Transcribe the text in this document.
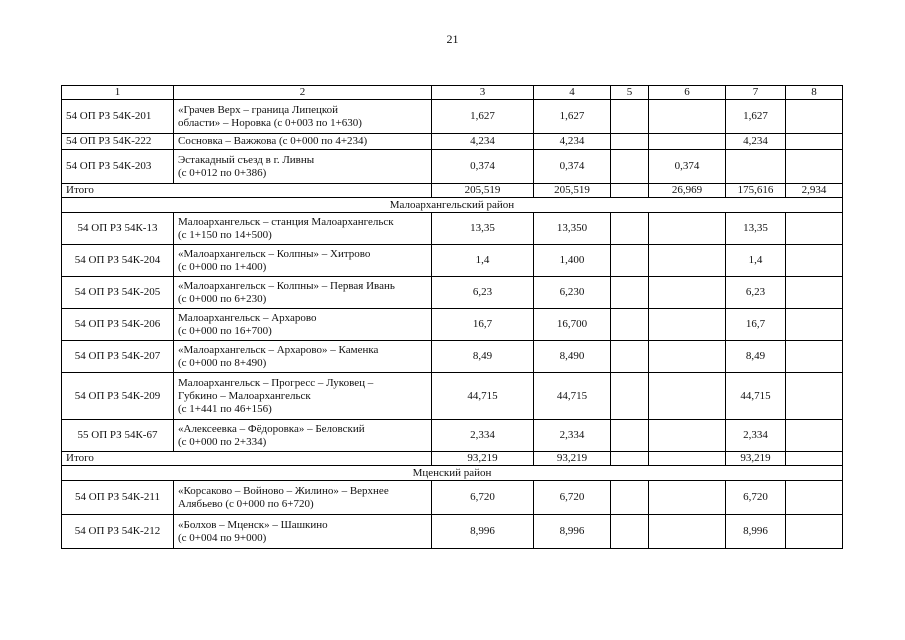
21
1	2	3	4	5	6	7	8
54 ОП РЗ 54К-201	«Грачев Верх – граница Липецкой
области» – Норовка (с 0+003 по 1+630)	1,627	1,627			1,627	
54 ОП РЗ 54К-222	Сосновка – Важжова (с 0+000 по 4+234)	4,234	4,234			4,234	
54 ОП РЗ 54К-203	Эстакадный съезд в г. Ливны
(с 0+012 по 0+386)	0,374	0,374		0,374		
Итого		205,519	205,519		26,969	175,616	2,934
Малоархангельский район							
54 ОП РЗ 54К-13	Малоархангельск – станция Малоархангельск
(с 1+150 по 14+500)	13,35	13,350			13,35	
54 ОП РЗ 54К-204	«Малоархангельск – Колпны» – Хитрово
(с 0+000 по 1+400)	1,4	1,400			1,4	
54 ОП РЗ 54К-205	«Малоархангельск – Колпны» – Первая Ивань
(с 0+000 по 6+230)	6,23	6,230			6,23	
54 ОП РЗ 54К-206	Малоархангельск – Архарово
(с 0+000 по 16+700)	16,7	16,700			16,7	
54 ОП РЗ 54К-207	«Малоархангельск – Архарово» – Каменка
(с 0+000 по 8+490)	8,49	8,490			8,49	
54 ОП РЗ 54К-209	Малоархангельск – Прогресс – Луковец –
Губкино – Малоархангельск
(с 1+441 по 46+156)	44,715	44,715			44,715	
55 ОП РЗ 54К-67	«Алексеевка – Фёдоровка» – Беловский
(с 0+000 по 2+334)	2,334	2,334			2,334	
Итого		93,219	93,219			93,219	
Мценский район							
54 ОП РЗ 54К-211	«Корсаково – Войново – Жилино» – Верхнее
Алябьево (с 0+000 по 6+720)	6,720	6,720			6,720	
54 ОП РЗ 54К-212	«Болхов – Мценск» – Шашкино
(с 0+004 по 9+000)	8,996	8,996			8,996	
